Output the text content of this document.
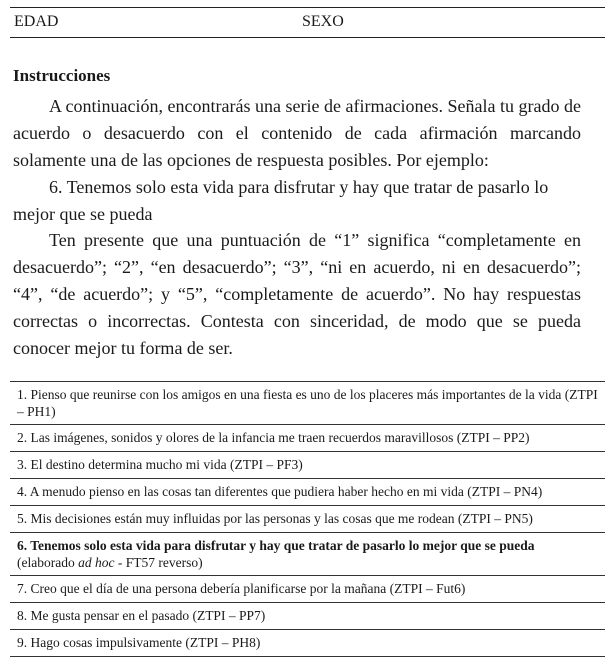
EDAD	SEXO
Instrucciones

A continuación, encontrarás una serie de afirmaciones. Señala tu grado de acuerdo o desacuerdo con el contenido de cada afirmación marcando solamente una de las opciones de respuesta posibles. Por ejemplo:

6. Tenemos solo esta vida para disfrutar y hay que tratar de pasarlo lo mejor que se pueda

Ten presente que una puntuación de “1” significa “completamente en desacuerdo”; “2”, “en desacuerdo”; “3”, “ni en acuerdo, ni en desacuerdo”; “4”, “de acuerdo”; y “5”, “completamente de acuerdo”. No hay respuestas correctas o incorrectas. Contesta con sinceridad, de modo que se pueda conocer mejor tu forma de ser.

1. Pienso que reunirse con los amigos en una fiesta es uno de los placeres más importantes de la vida (ZTPI – PH1)
2. Las imágenes, sonidos y olores de la infancia me traen recuerdos maravillosos (ZTPI – PP2)
3. El destino determina mucho mi vida (ZTPI – PF3)
4. A menudo pienso en las cosas tan diferentes que pudiera haber hecho en mi vida (ZTPI – PN4)
5. Mis decisiones están muy influidas por las personas y las cosas que me rodean (ZTPI – PN5)
6. Tenemos solo esta vida para disfrutar y hay que tratar de pasarlo lo mejor que se pueda
(elaborado ad hoc - FT57 reverso)
7. Creo que el día de una persona debería planificarse por la mañana (ZTPI – Fut6)
8. Me gusta pensar en el pasado (ZTPI – PP7)
9. Hago cosas impulsivamente (ZTPI – PH8)
